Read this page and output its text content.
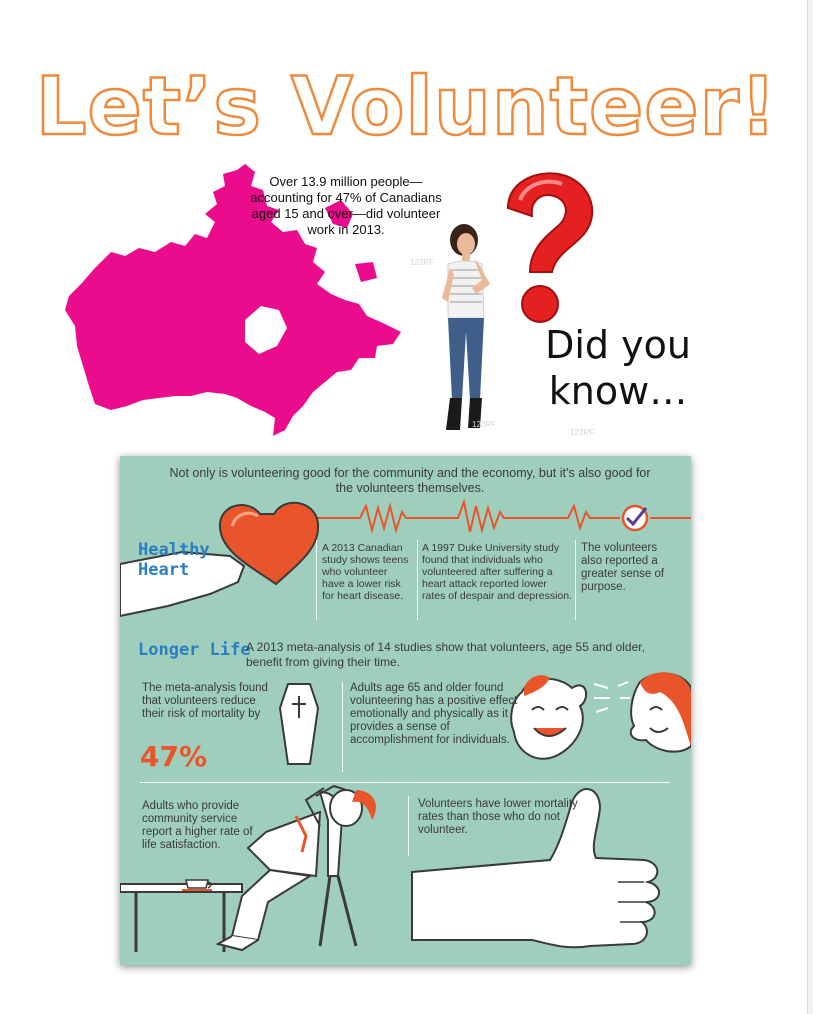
Let’s Volunteer!

Over 13.9 million people—accounting for 47% of Canadians aged 15 and over—did volunteer work in 2013.

Did you
know…

123RF
123RF
123RF

Not only is volunteering good for the community and the economy, but it’s also good for the volunteers themselves.

Healthy
Heart

A 2013 Canadian study shows teens who volunteer have a lower risk for heart disease.

A 1997 Duke University study found that individuals who volunteered after suffering a heart attack reported lower rates of despair and depression.

The volunteers also reported a greater sense of purpose.

Longer Life

A 2013 meta-analysis of 14 studies show that volunteers, age 55 and older, benefit from giving their time.

The meta-analysis found that volunteers reduce their risk of mortality by

47%

Adults age 65 and older found volunteering has a positive effect emotionally and physically as it provides a sense of accomplishment for individuals.

Adults who provide community service report a higher rate of life satisfaction.

Volunteers have lower mortality rates than those who do not volunteer.
